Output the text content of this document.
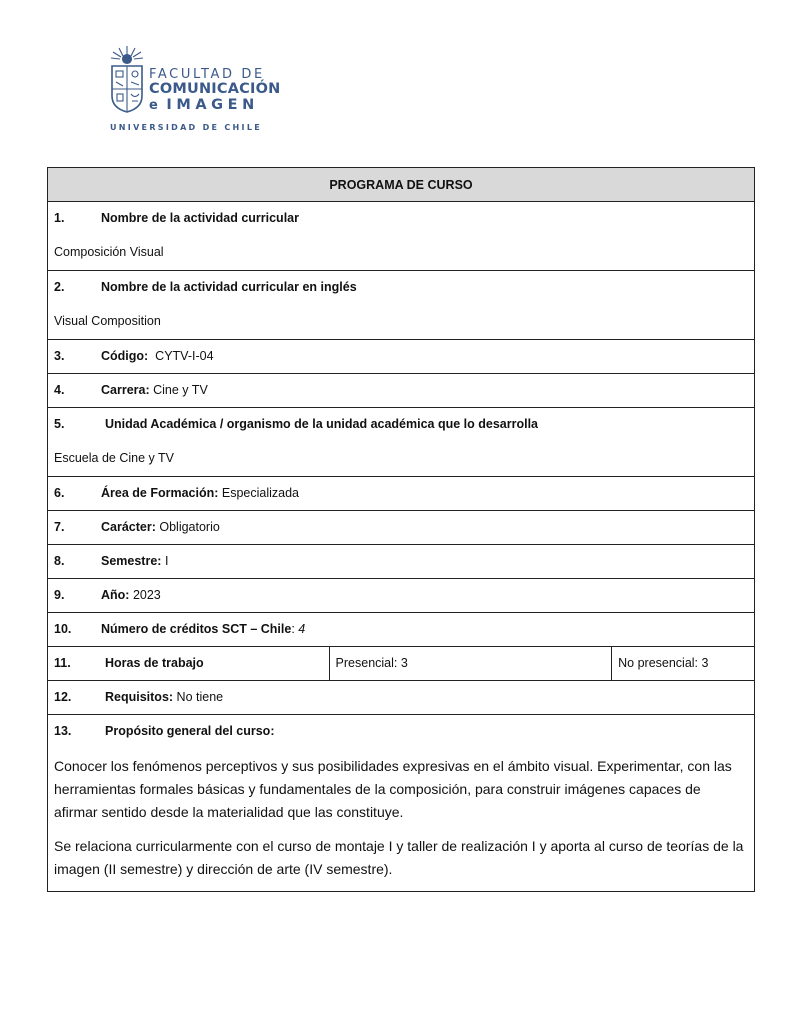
FACULTAD DE
COMUNICACIÓN
e IMAGEN
UNIVERSIDAD DE CHILE
PROGRAMA DE CURSO

1.	Nombre de la actividad curricular
Composición Visual

2.	Nombre de la actividad curricular en inglés
Visual Composition

3.	Código: CYTV-I-04
4.	Carrera: Cine y TV

5.	Unidad Académica / organismo de la unidad académica que lo desarrolla
Escuela de Cine y TV

6.	Área de Formación: Especializada
7.	Carácter: Obligatorio
8.	Semestre: I
9.	Año: 2023
10. Número de créditos SCT – Chile: 4
11.	Horas de trabajo	Presencial: 3	No presencial: 3
12.	Requisitos: No tiene

13.	Propósito general del curso:

Conocer los fenómenos perceptivos y sus posibilidades expresivas en el ámbito visual. Experimentar, con las herramientas formales básicas y fundamentales de la composición, para construir imágenes capaces de afirmar sentido desde la materialidad que las constituye.

Se relaciona curricularmente con el curso de montaje I y taller de realización I y aporta al curso de teorías de la imagen (II semestre) y dirección de arte (IV semestre).
